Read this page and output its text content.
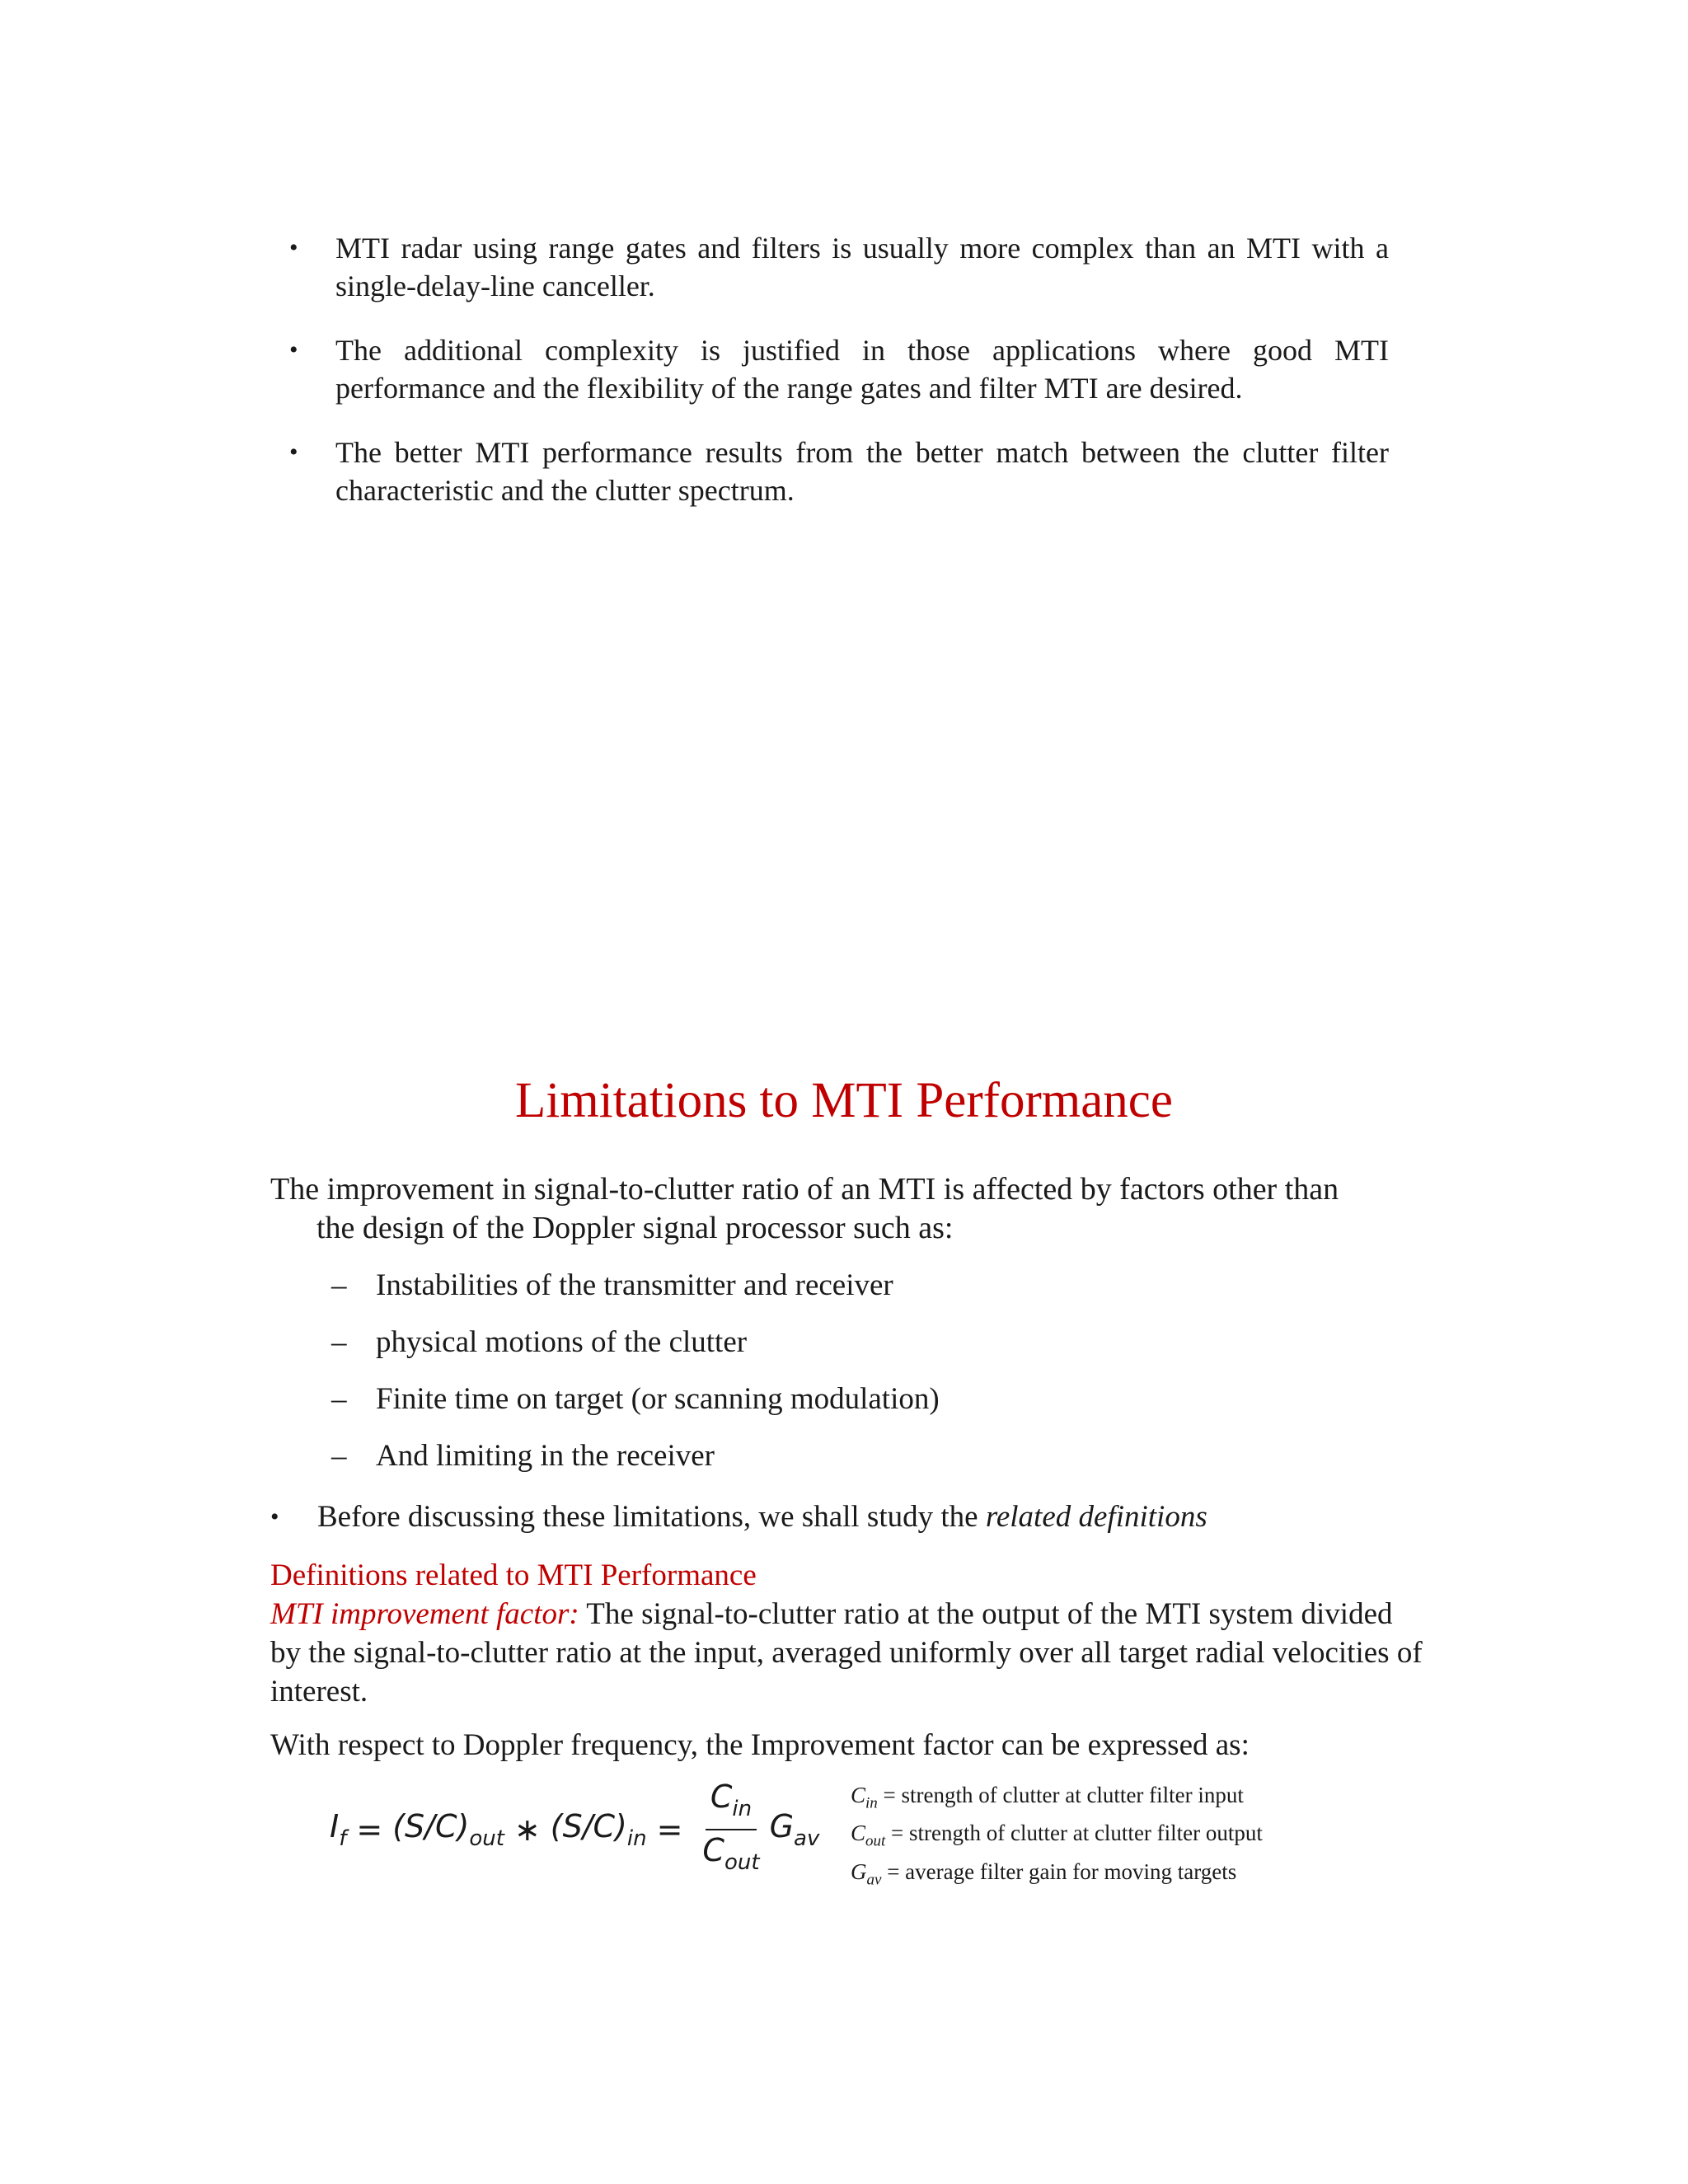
• MTI radar using range gates and filters is usually more complex than an MTI with a single-delay-line canceller.
• The additional complexity is justified in those applications where good MTI performance and the flexibility of the range gates and filter MTI are desired.
• The better MTI performance results from the better match between the clutter filter characteristic and the clutter spectrum.
Limitations to MTI Performance
The improvement in signal-to-clutter ratio of an MTI is affected by factors other than
the design of the Doppler signal processor such as:
– Instabilities of the transmitter and receiver
– physical motions of the clutter
– Finite time on target (or scanning modulation)
– And limiting in the receiver
•	Before discussing these limitations, we shall study the related definitions
Definitions related to MTI Performance
MTI improvement factor: The signal-to-clutter ratio at the output of the MTI system divided by the signal-to-clutter ratio at the input, averaged uniformly over all target radial velocities of interest.
With respect to Doppler frequency, the Improvement factor can be expressed as:
$I_f = (S/C)_{out}$ ∗ $(S/C)_{in} = \frac{C_{in}}{C_{out}} G_{av}$
$C_{in}$ = strength of clutter at clutter filter input
$C_{out}$ = strength of clutter at clutter filter output
$G_{av}$ = average filter gain for moving targets
